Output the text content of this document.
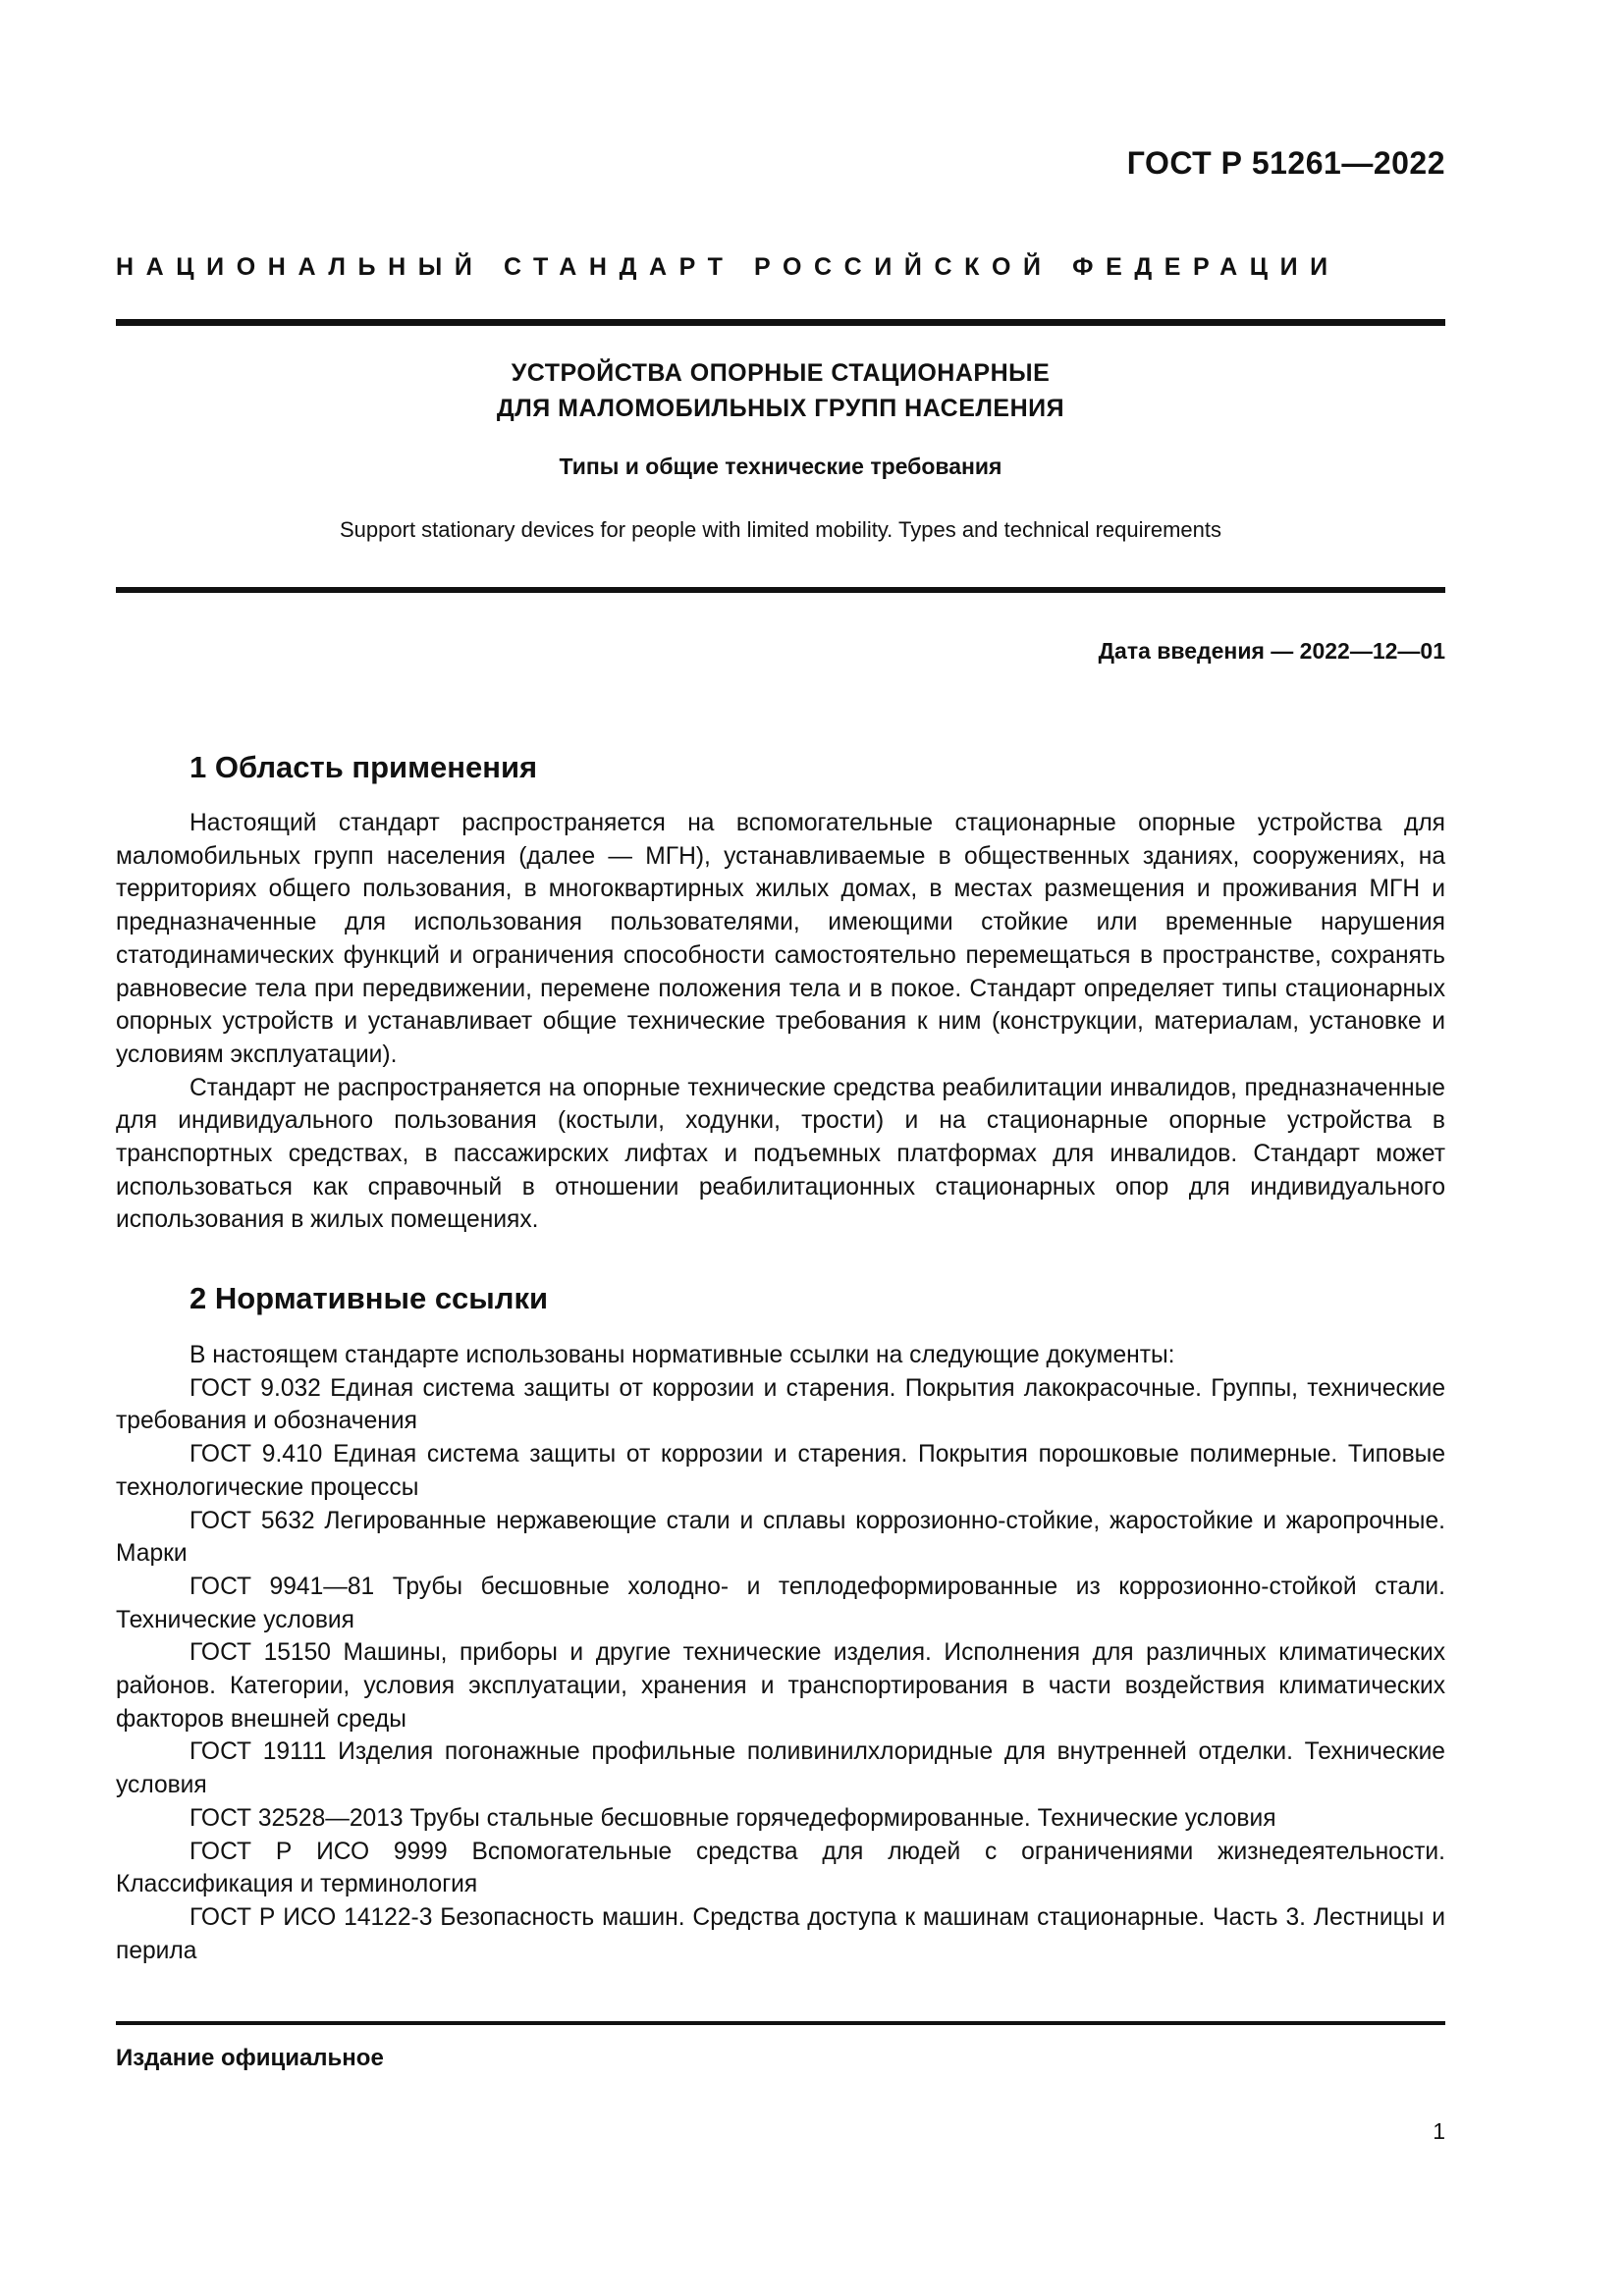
ГОСТ Р 51261—2022
НАЦИОНАЛЬНЫЙ СТАНДАРТ РОССИЙСКОЙ ФЕДЕРАЦИИ
УСТРОЙСТВА ОПОРНЫЕ СТАЦИОНАРНЫЕ
ДЛЯ МАЛОМОБИЛЬНЫХ ГРУПП НАСЕЛЕНИЯ
Типы и общие технические требования
Support stationary devices for people with limited mobility. Types and technical requirements
Дата введения — 2022—12—01
1 Область применения

Настоящий стандарт распространяется на вспомогательные стационарные опорные устройства для маломобильных групп населения (далее — МГН), устанавливаемые в общественных зданиях, сооружениях, на территориях общего пользования, в многоквартирных жилых домах, в местах размещения и проживания МГН и предназначенные для использования пользователями, имеющими стойкие или временные нарушения статодинамических функций и ограничения способности самостоятельно перемещаться в пространстве, сохранять равновесие тела при передвижении, перемене положения тела и в покое. Стандарт определяет типы стационарных опорных устройств и устанавливает общие технические требования к ним (конструкции, материалам, установке и условиям эксплуатации).

Стандарт не распространяется на опорные технические средства реабилитации инвалидов, предназначенные для индивидуального пользования (костыли, ходунки, трости) и на стационарные опорные устройства в транспортных средствах, в пассажирских лифтах и подъемных платформах для инвалидов. Стандарт может использоваться как справочный в отношении реабилитационных стационарных опор для индивидуального использования в жилых помещениях.

2 Нормативные ссылки

В настоящем стандарте использованы нормативные ссылки на следующие документы:

ГОСТ 9.032 Единая система защиты от коррозии и старения. Покрытия лакокрасочные. Группы, технические требования и обозначения

ГОСТ 9.410 Единая система защиты от коррозии и старения. Покрытия порошковые полимерные. Типовые технологические процессы

ГОСТ 5632 Легированные нержавеющие стали и сплавы коррозионно-стойкие, жаростойкие и жаропрочные. Марки

ГОСТ 9941—81 Трубы бесшовные холодно- и теплодеформированные из коррозионно-стойкой стали. Технические условия

ГОСТ 15150 Машины, приборы и другие технические изделия. Исполнения для различных климатических районов. Категории, условия эксплуатации, хранения и транспортирования в части воздействия климатических факторов внешней среды

ГОСТ 19111 Изделия погонажные профильные поливинилхлоридные для внутренней отделки. Технические условия

ГОСТ 32528—2013 Трубы стальные бесшовные горячедеформированные. Технические условия

ГОСТ Р ИСО 9999 Вспомогательные средства для людей с ограничениями жизнедеятельности. Классификация и терминология

ГОСТ Р ИСО 14122-3 Безопасность машин. Средства доступа к машинам стационарные. Часть 3. Лестницы и перила

Издание официальное
1
